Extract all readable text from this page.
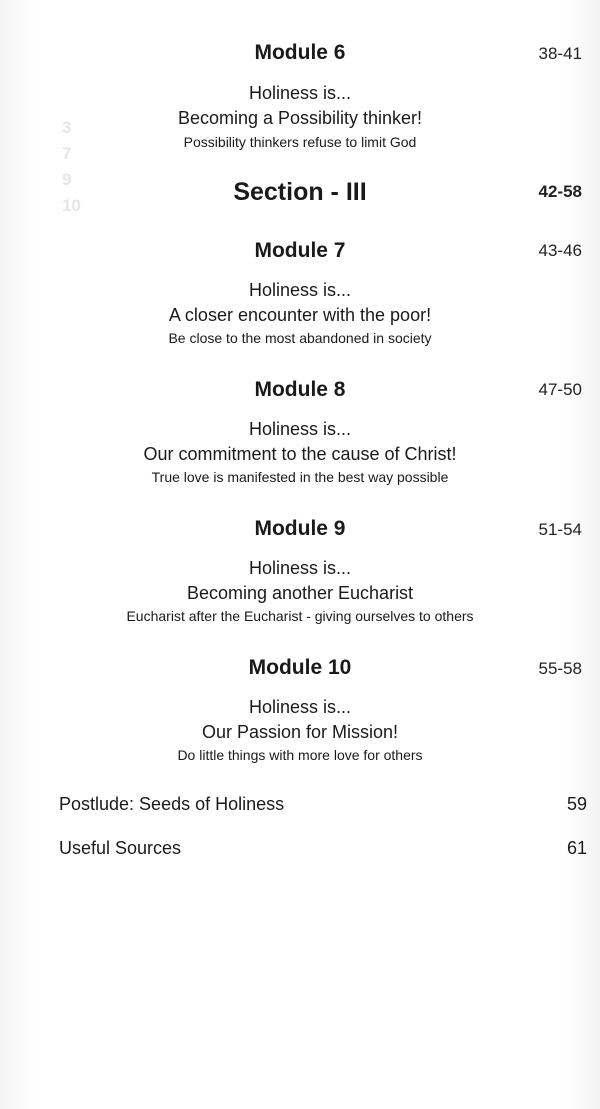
3
7
9
10
Module 6	38-41
Holiness is...
Becoming a Possibility thinker!
Possibility thinkers refuse to limit God
Section - III	42-58
Module 7	43-46
Holiness is...
A closer encounter with the poor!
Be close to the most abandoned in society
Module 8	47-50
Holiness is...
Our commitment to the cause of Christ!
True love is manifested in the best way possible
Module 9	51-54
Holiness is...
Becoming another Eucharist
Eucharist after the Eucharist - giving ourselves to others
Module 10	55-58
Holiness is...
Our Passion for Mission!
Do little things with more love for others
Postlude: Seeds of Holiness	59
Useful Sources	61
